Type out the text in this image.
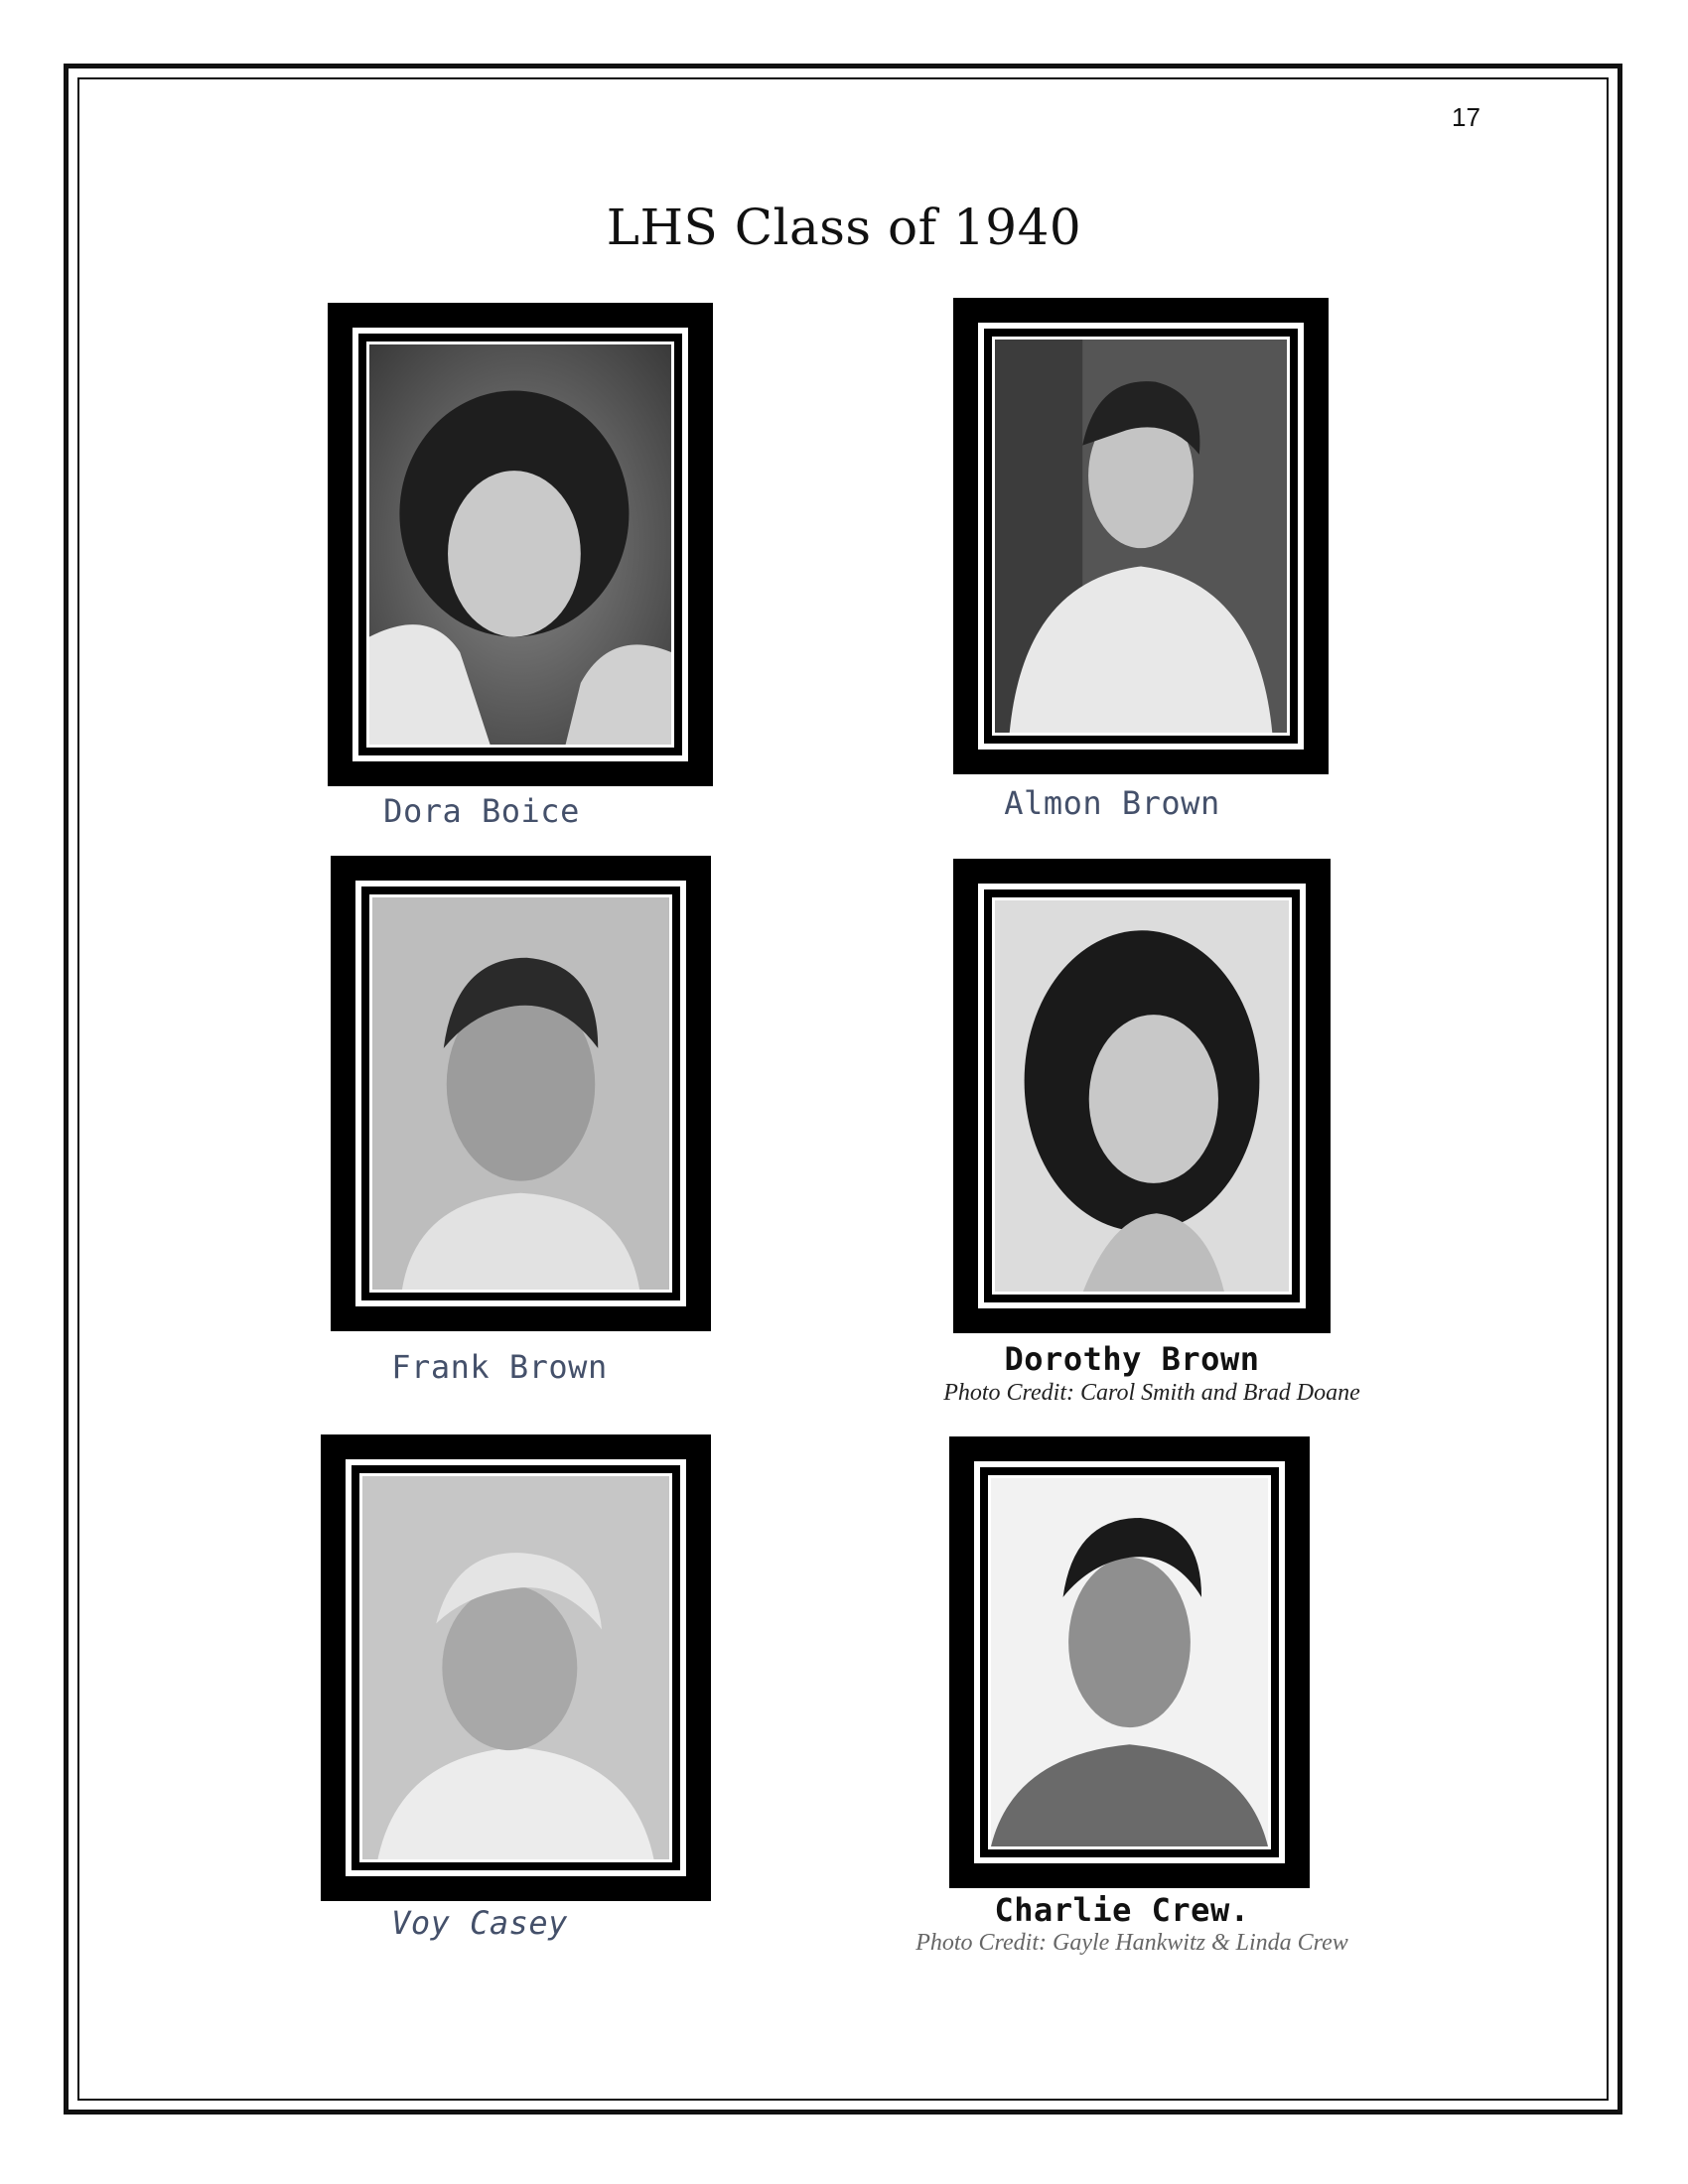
17
LHS Class of 1940
Dora Boice	Almon Brown
Frank Brown	Dorothy Brown
Photo Credit: Carol Smith and Brad Doane
Voy Casey	Charlie Crew.
Photo Credit: Gayle Hankwitz & Linda Crew
